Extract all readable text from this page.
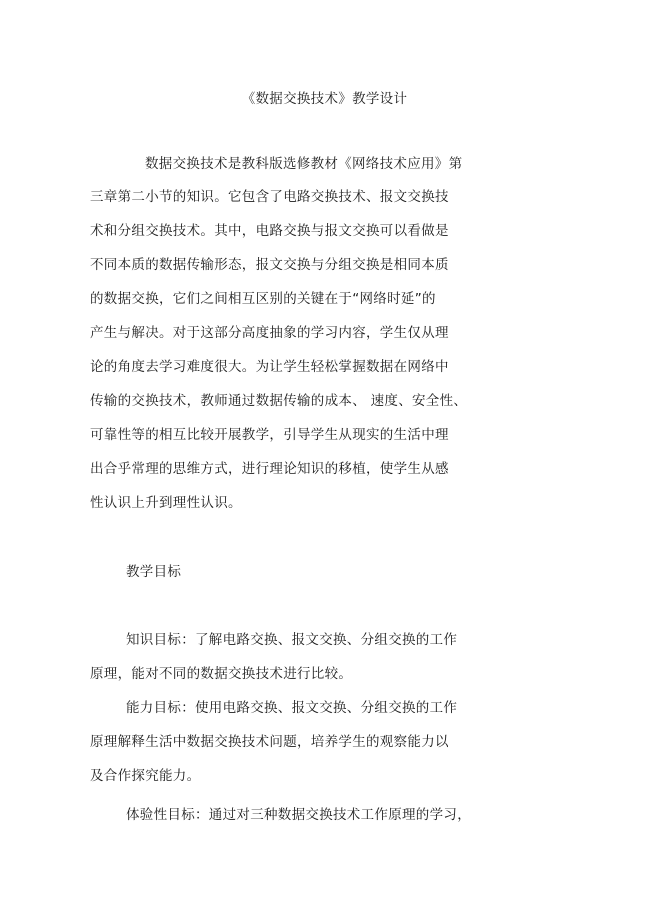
《数据交换技术》教学设计
数据交换技术是教科版选修教材《网络技术应用》第
三章第二小节的知识。它包含了电路交换技术、报文交换技
术和分组交换技术。其中，电路交换与报文交换可以看做是
不同本质的数据传输形态，报文交换与分组交换是相同本质
的数据交换，它们之间相互区别的关键在于“网络时延”的
产生与解决。对于这部分高度抽象的学习内容，学生仅从理
论的角度去学习难度很大。为让学生轻松掌握数据在网络中
传输的交换技术，教师通过数据传输的成本、 速度、安全性、
可靠性等的相互比较开展教学，引导学生从现实的生活中理
出合乎常理的思维方式，进行理论知识的移植，使学生从感
性认识上升到理性认识。
教学目标
知识目标：了解电路交换、报文交换、分组交换的工作
原理，能对不同的数据交换技术进行比较。
能力目标：使用电路交换、报文交换、分组交换的工作
原理解释生活中数据交换技术问题，培养学生的观察能力以
及合作探究能力。
体验性目标：通过对三种数据交换技术工作原理的学习，
